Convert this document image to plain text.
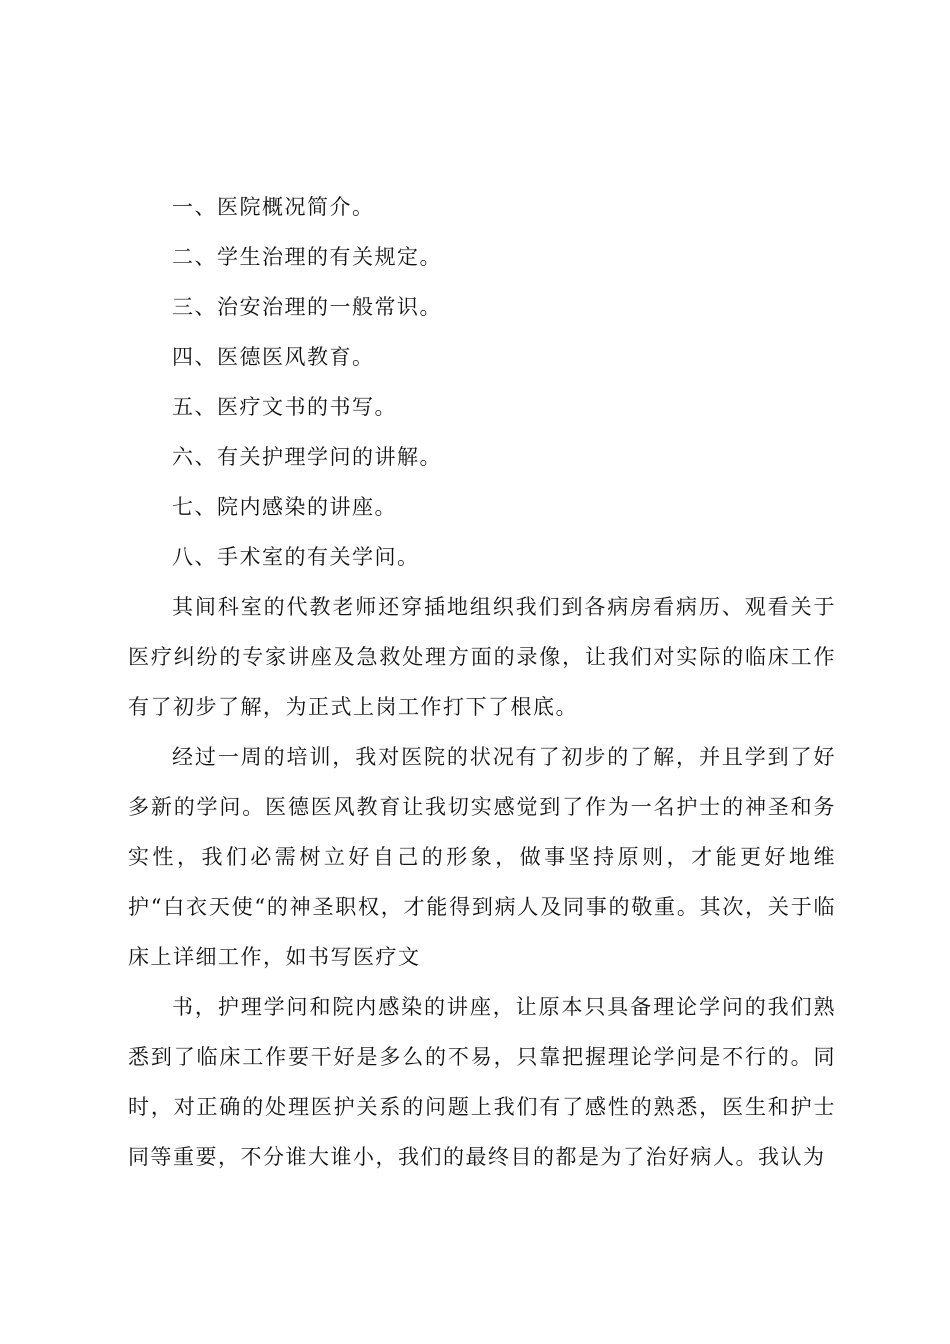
一、医院概况简介。

二、学生治理的有关规定。

三、治安治理的一般常识。

四、医德医风教育。

五、医疗文书的书写。

六、有关护理学问的讲解。

七、院内感染的讲座。

八、手术室的有关学问。

其间科室的代教老师还穿插地组织我们到各病房看病历、观看关于医疗纠纷的专家讲座及急救处理方面的录像，让我们对实际的临床工作有了初步了解，为正式上岗工作打下了根底。

经过一周的培训，我对医院的状况有了初步的了解，并且学到了好多新的学问。医德医风教育让我切实感觉到了作为一名护士的神圣和务实性，我们必需树立好自己的形象，做事坚持原则，才能更好地维护“白衣天使“的神圣职权，才能得到病人及同事的敬重。其次，关于临床上详细工作，如书写医疗文

书，护理学问和院内感染的讲座，让原本只具备理论学问的我们熟悉到了临床工作要干好是多么的不易，只靠把握理论学问是不行的。同时，对正确的处理医护关系的问题上我们有了感性的熟悉，医生和护士同等重要，不分谁大谁小，我们的最终目的都是为了治好病人。我认为
